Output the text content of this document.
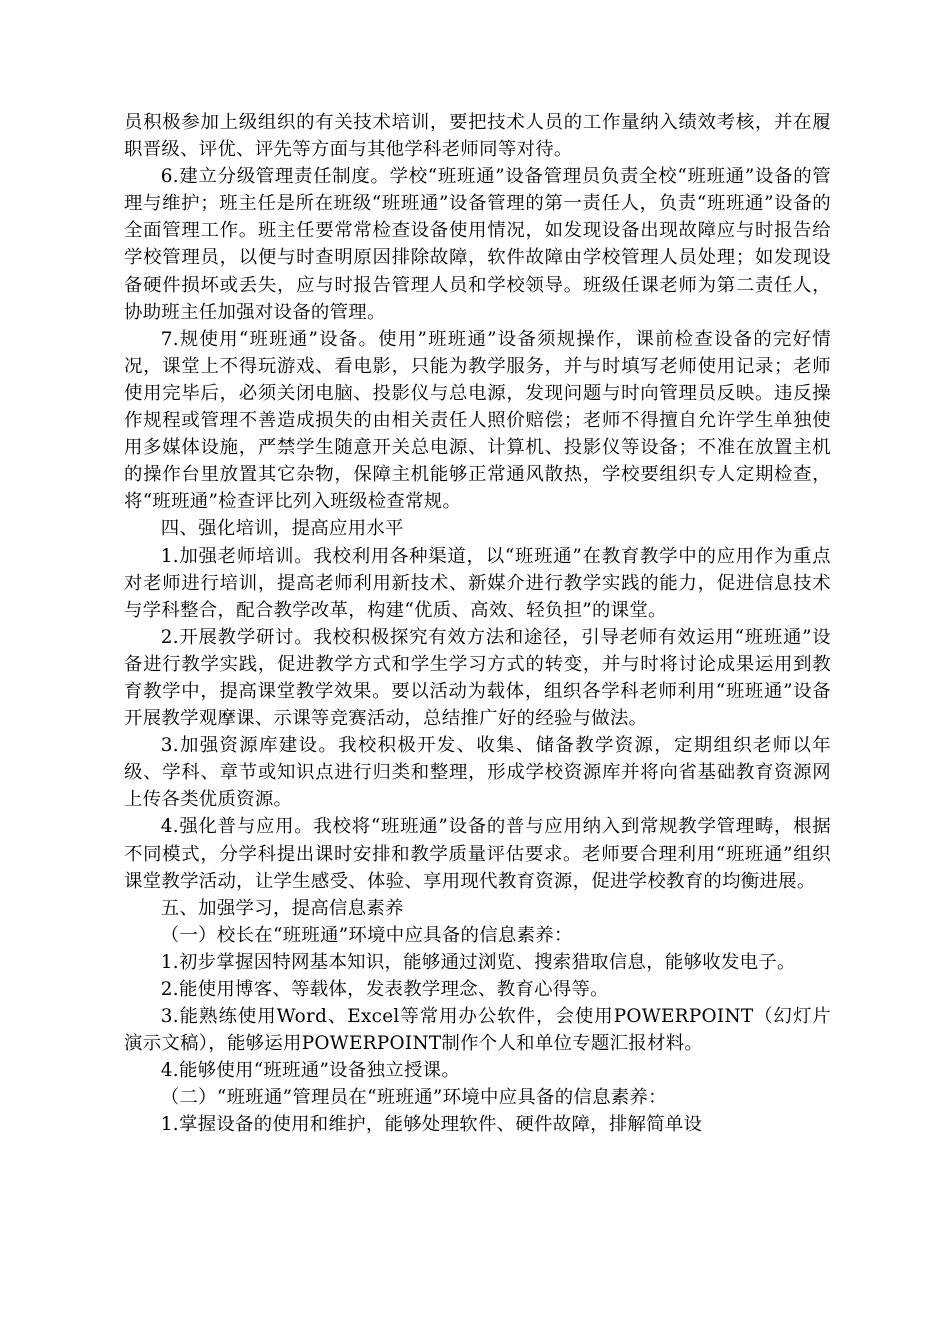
员积极参加上级组织的有关技术培训，要把技术人员的工作量纳入绩效考核，并在履职晋级、评优、评先等方面与其他学科老师同等对待。

6.建立分级管理责任制度。学校“班班通”设备管理员负责全校“班班通”设备的管理与维护；班主任是所在班级“班班通”设备管理的第一责任人，负责“班班通”设备的全面管理工作。班主任要常常检查设备使用情况，如发现设备出现故障应与时报告给学校管理员，以便与时查明原因排除故障，软件故障由学校管理人员处理；如发现设备硬件损坏或丢失，应与时报告管理人员和学校领导。班级任课老师为第二责任人，协助班主任加强对设备的管理。

7.规使用“班班通”设备。使用”班班通”设备须规操作，课前检查设备的完好情况，课堂上不得玩游戏、看电影，只能为教学服务，并与时填写老师使用记录；老师使用完毕后，必须关闭电脑、投影仪与总电源，发现问题与时向管理员反映。违反操作规程或管理不善造成损失的由相关责任人照价赔偿；老师不得擅自允许学生单独使用多媒体设施，严禁学生随意开关总电源、计算机、投影仪等设备；不准在放置主机的操作台里放置其它杂物，保障主机能够正常通风散热，学校要组织专人定期检查，将“班班通”检查评比列入班级检查常规。

四、强化培训，提高应用水平

1.加强老师培训。我校利用各种渠道，以“班班通”在教育教学中的应用作为重点对老师进行培训，提高老师利用新技术、新媒介进行教学实践的能力，促进信息技术与学科整合，配合教学改革，构建“优质、高效、轻负担”的课堂。

2.开展教学研讨。我校积极探究有效方法和途径，引导老师有效运用“班班通”设备进行教学实践，促进教学方式和学生学习方式的转变，并与时将讨论成果运用到教育教学中，提高课堂教学效果。要以活动为载体，组织各学科老师利用“班班通”设备开展教学观摩课、示课等竞赛活动，总结推广好的经验与做法。

3.加强资源库建设。我校积极开发、收集、储备教学资源，定期组织老师以年级、学科、章节或知识点进行归类和整理，形成学校资源库并将向省基础教育资源网上传各类优质资源。

4.强化普与应用。我校将“班班通”设备的普与应用纳入到常规教学管理畴，根据不同模式，分学科提出课时安排和教学质量评估要求。老师要合理利用“班班通”组织课堂教学活动，让学生感受、体验、享用现代教育资源，促进学校教育的均衡进展。

五、加强学习，提高信息素养

（一）校长在“班班通”环境中应具备的信息素养：

1.初步掌握因特网基本知识，能够通过浏览、搜索猎取信息，能够收发电子。

2.能使用博客、等载体，发表教学理念、教育心得等。

3.能熟练使用Word、Excel等常用办公软件，会使用POWERPOINT（幻灯片演示文稿），能够运用POWERPOINT制作个人和单位专题汇报材料。

4.能够使用“班班通”设备独立授课。

（二）“班班通”管理员在“班班通”环境中应具备的信息素养：

1.掌握设备的使用和维护，能够处理软件、硬件故障，排解简单设
